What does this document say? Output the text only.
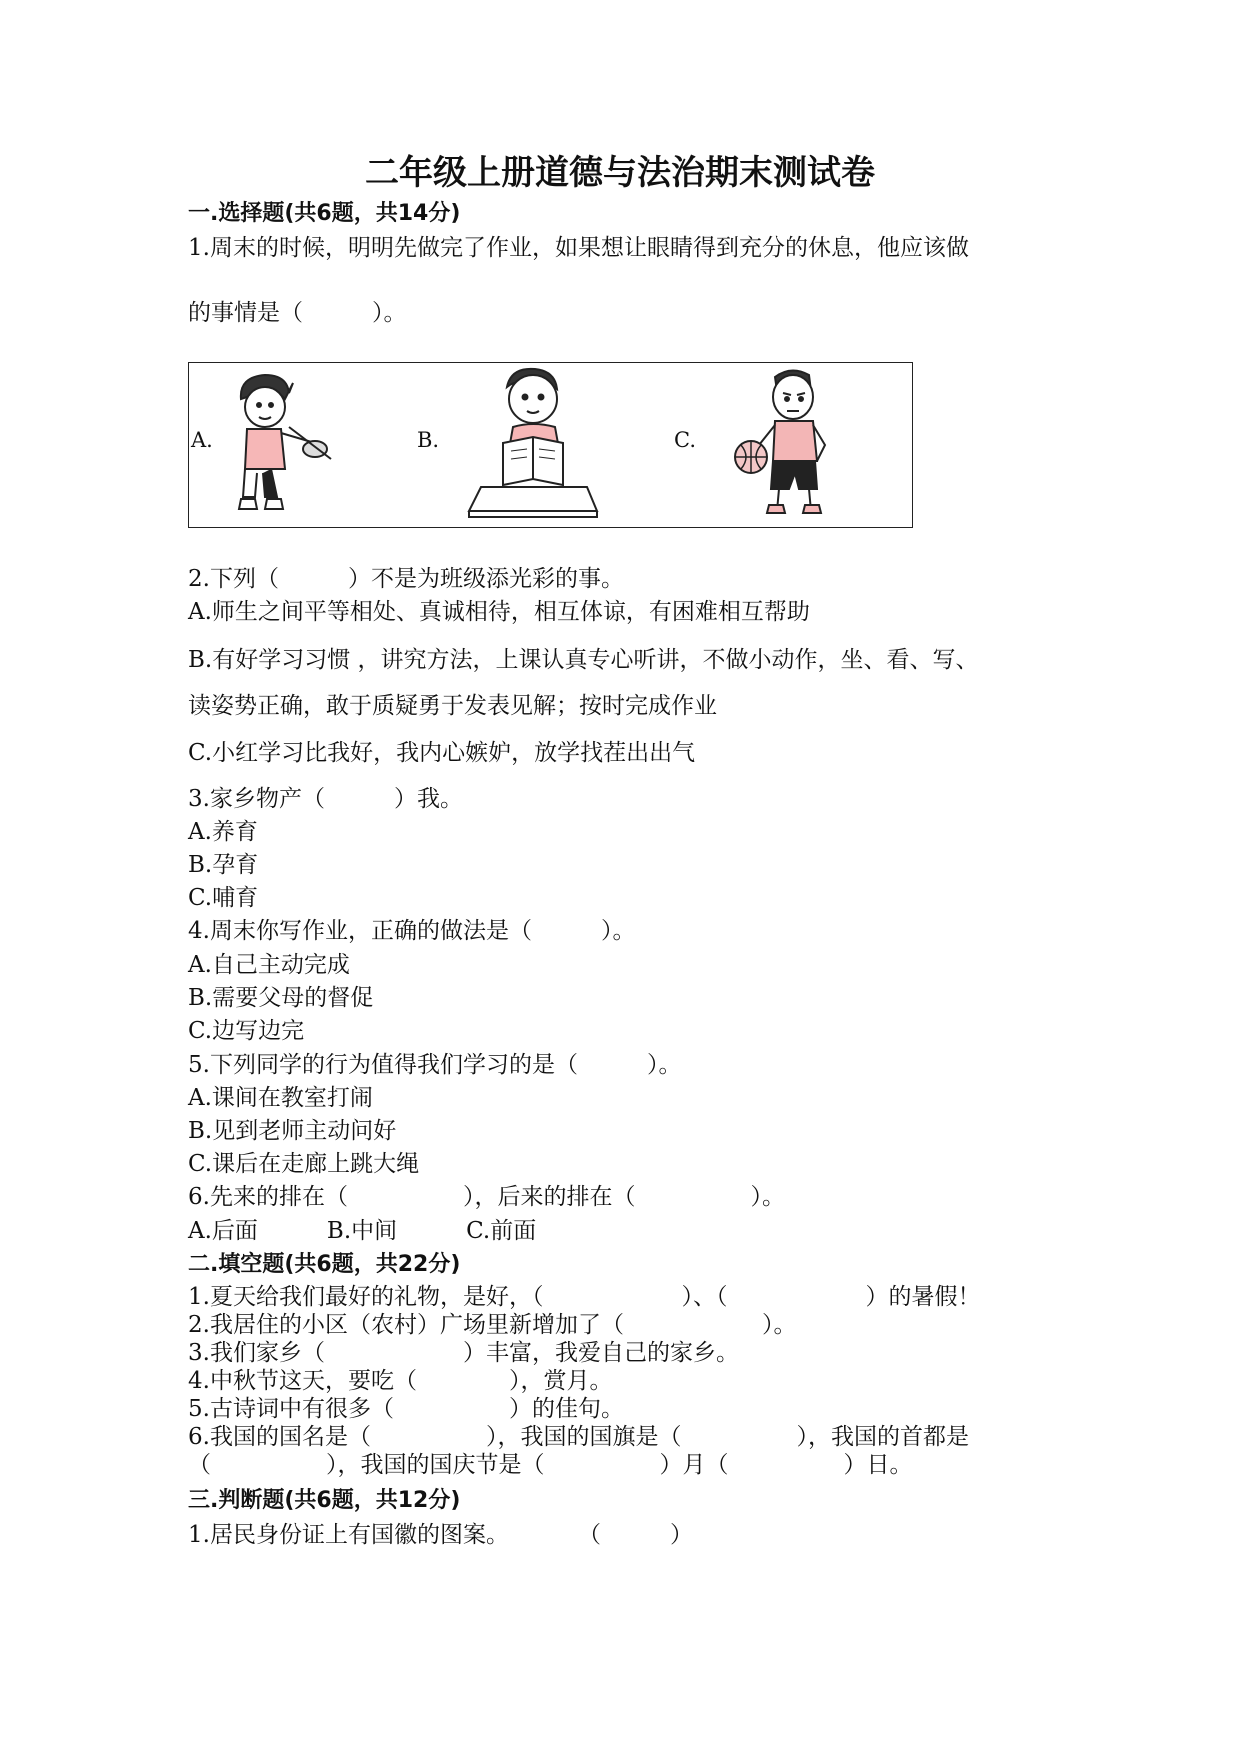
二年级上册道德与法治期末测试卷
一.选择题(共6题，共14分)
1.周末的时候，明明先做完了作业，如果想让眼睛得到充分的休息，他应该做
的事情是（　　　）。
A.	B.	C.
2.下列（　　　）不是为班级添光彩的事。
A.师生之间平等相处、真诚相待，相互体谅，有困难相互帮助
B.有好学习习惯 ，讲究方法，上课认真专心听讲，不做小动作，坐、看、写、
读姿势正确，敢于质疑勇于发表见解；按时完成作业
C.小红学习比我好，我内心嫉妒，放学找茬出出气
3.家乡物产（　　　）我。
A.养育
B.孕育
C.哺育
4.周末你写作业，正确的做法是（　　　）。
A.自己主动完成
B.需要父母的督促
C.边写边完
5.下列同学的行为值得我们学习的是（　　　）。
A.课间在教室打闹
B.见到老师主动问好
C.课后在走廊上跳大绳
6.先来的排在（　　　　　），后来的排在（　　　　　）。
A.后面　　　B.中间　　　C.前面
二.填空题(共6题，共22分)
1.夏天给我们最好的礼物，是好，（　　　　　　）、（　　　　　　）的暑假！
2.我居住的小区（农村）广场里新增加了（　　　　　　）。
3.我们家乡（　　　　　　）丰富，我爱自己的家乡。
4.中秋节这天，要吃（　　　　），赏月。
5.古诗词中有很多（　　　　　）的佳句。
6.我国的国名是（　　　　　），我国的国旗是（　　　　　），我国的首都是
（　　　　　），我国的国庆节是（　　　　　）月（　　　　　）日。
三.判断题(共6题，共12分)
1.居民身份证上有国徽的图案。　　　　（　　　）
